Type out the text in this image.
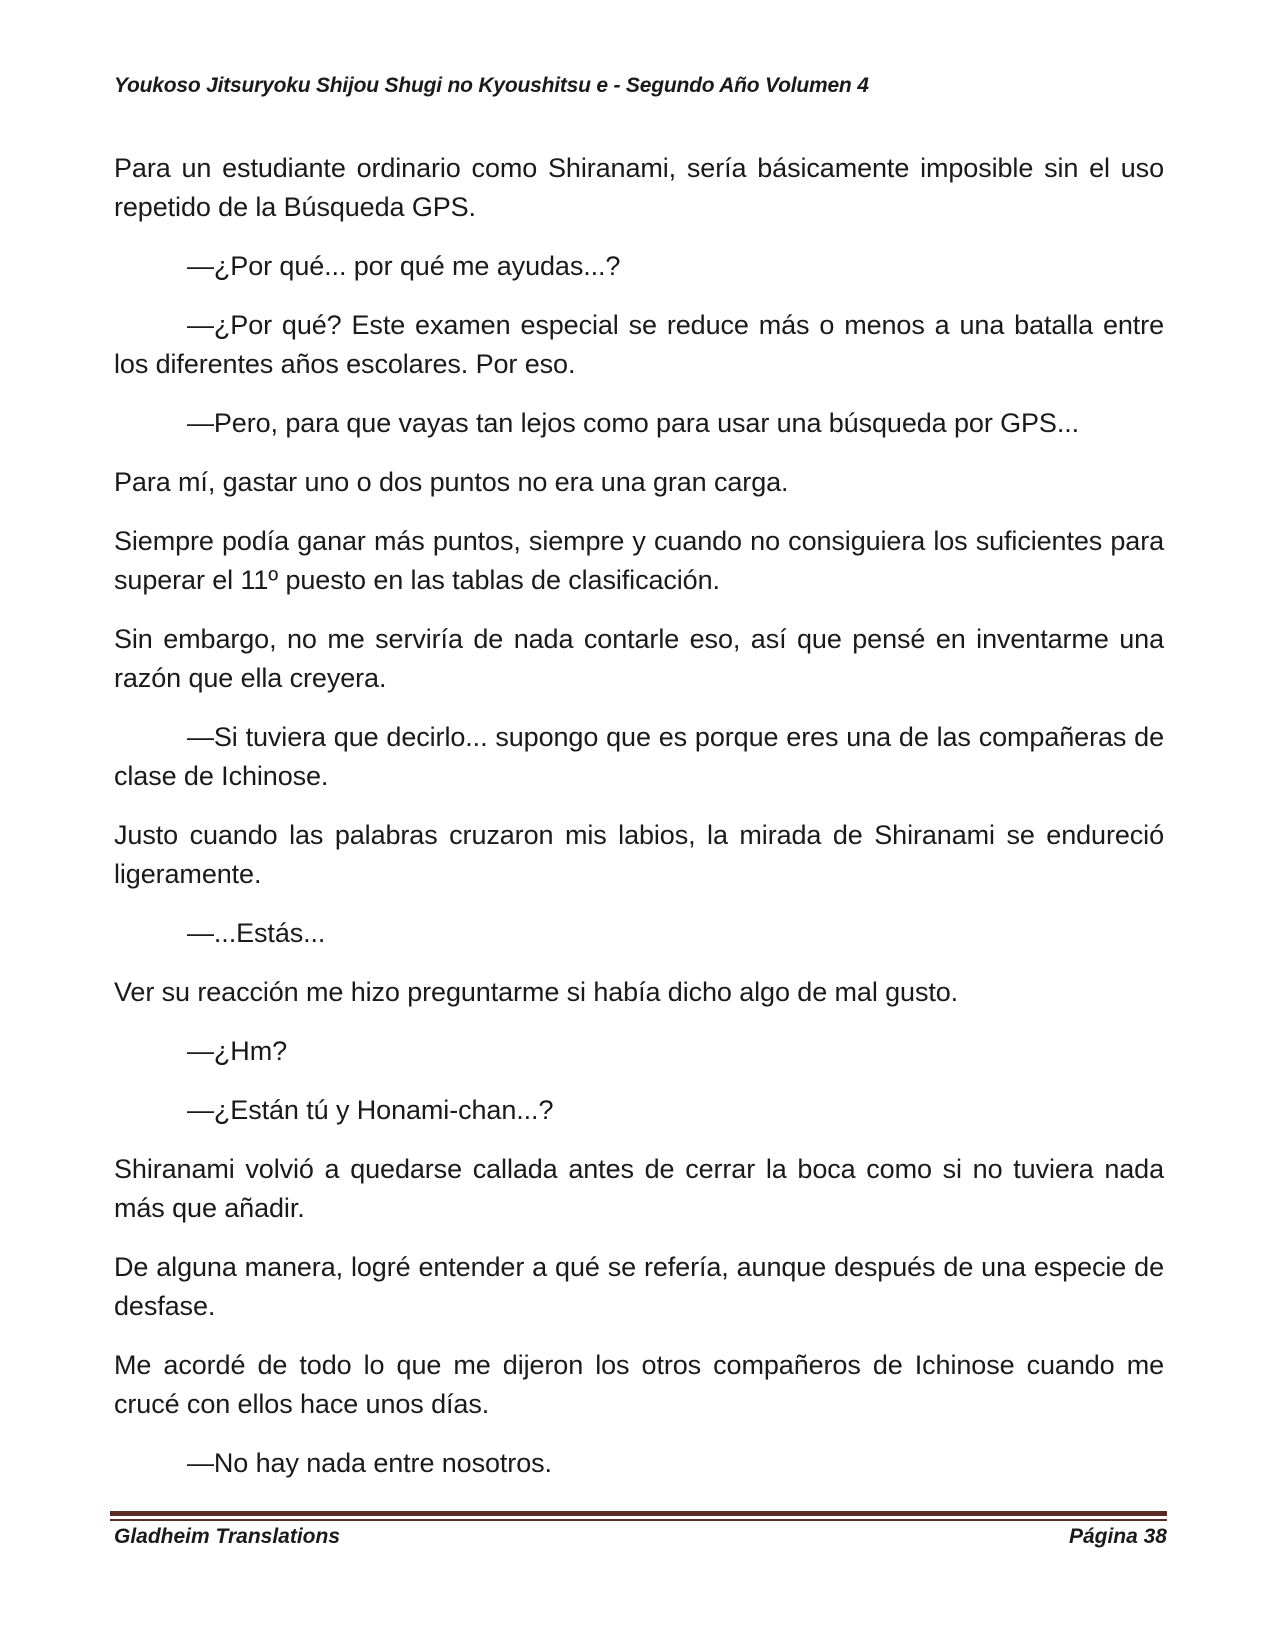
Youkoso Jitsuryoku Shijou Shugi no Kyoushitsu e - Segundo Año Volumen 4

Para un estudiante ordinario como Shiranami, sería básicamente imposible sin el uso repetido de la Búsqueda GPS.

—¿Por qué... por qué me ayudas...?

—¿Por qué? Este examen especial se reduce más o menos a una batalla entre los diferentes años escolares. Por eso.

—Pero, para que vayas tan lejos como para usar una búsqueda por GPS...

Para mí, gastar uno o dos puntos no era una gran carga.

Siempre podía ganar más puntos, siempre y cuando no consiguiera los suficientes para superar el 11º puesto en las tablas de clasificación.

Sin embargo, no me serviría de nada contarle eso, así que pensé en inventarme una razón que ella creyera.

—Si tuviera que decirlo... supongo que es porque eres una de las compañeras de clase de Ichinose.

Justo cuando las palabras cruzaron mis labios, la mirada de Shiranami se endureció ligeramente.

—...Estás...

Ver su reacción me hizo preguntarme si había dicho algo de mal gusto.

—¿Hm?

—¿Están tú y Honami-chan...?

Shiranami volvió a quedarse callada antes de cerrar la boca como si no tuviera nada más que añadir.

De alguna manera, logré entender a qué se refería, aunque después de una especie de desfase.

Me acordé de todo lo que me dijeron los otros compañeros de Ichinose cuando me crucé con ellos hace unos días.

—No hay nada entre nosotros.

Gladheim Translations	Página 38
